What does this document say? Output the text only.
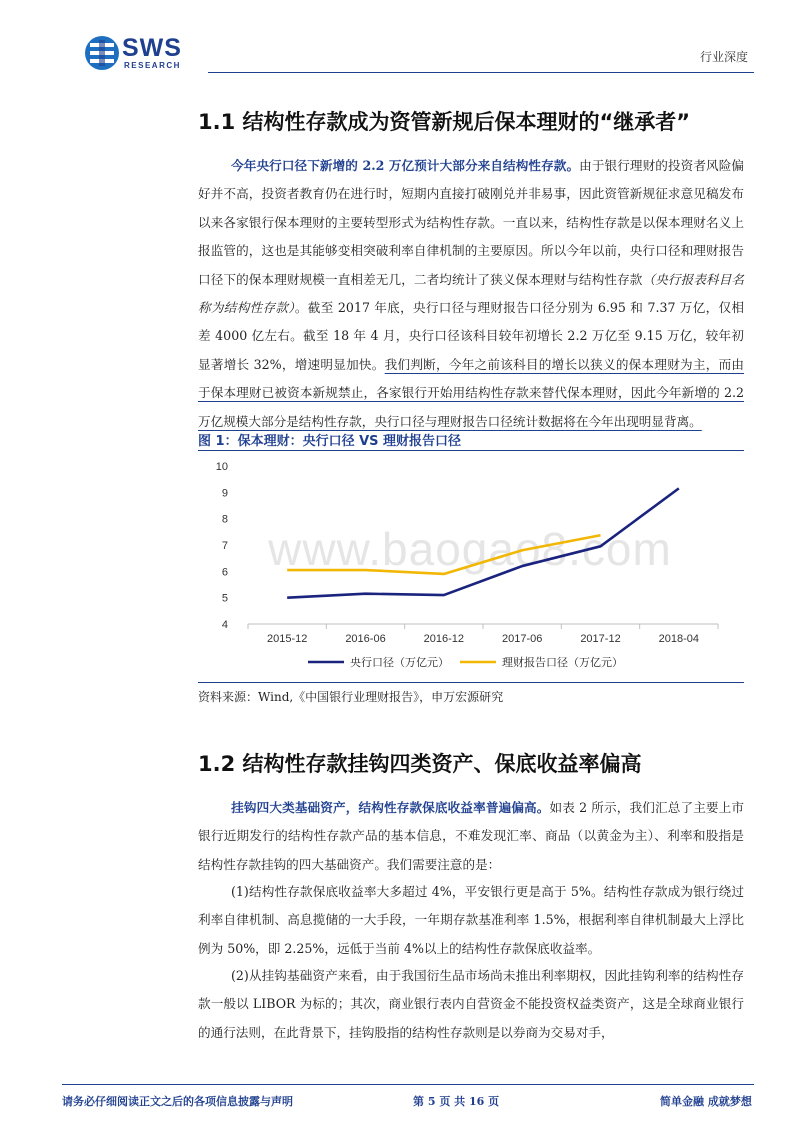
SWS
RESEARCH
行业深度
1.1 结构性存款成为资管新规后保本理财的“继承者”
今年央行口径下新增的 2.2 万亿预计大部分来自结构性存款。由于银行理财的投资者风险偏好并不高，投资者教育仍在进行时，短期内直接打破刚兑并非易事，因此资管新规征求意见稿发布以来各家银行保本理财的主要转型形式为结构性存款。一直以来，结构性存款是以保本理财名义上报监管的，这也是其能够变相突破利率自律机制的主要原因。所以今年以前，央行口径和理财报告口径下的保本理财规模一直相差无几，二者均统计了狭义保本理财与结构性存款（央行报表科目名称为结构性存款）。截至 2017 年底，央行口径与理财报告口径分别为 6.95 和 7.37 万亿，仅相差 4000 亿左右。截至 18 年 4 月，央行口径该科目较年初增长 2.2 万亿至 9.15 万亿，较年初显著增长 32%，增速明显加快。我们判断，今年之前该科目的增长以狭义的保本理财为主，而由于保本理财已被资本新规禁止，各家银行开始用结构性存款来替代保本理财，因此今年新增的 2.2 万亿规模大部分是结构性存款，央行口径与理财报告口径统计数据将在今年出现明显背离。
图 1：保本理财：央行口径 VS 理财报告口径
www.baogao8.com
4
5
6
7
8
9
10
2015-12	2016-06	2016-12	2017-06	2017-12	2018-04
央行口径（万亿元）	理财报告口径（万亿元）
资料来源：Wind,《中国银行业理财报告》，申万宏源研究
1.2 结构性存款挂钩四类资产、保底收益率偏高
挂钩四大类基础资产，结构性存款保底收益率普遍偏高。如表 2 所示，我们汇总了主要上市银行近期发行的结构性存款产品的基本信息，不难发现汇率、商品（以黄金为主）、利率和股指是结构性存款挂钩的四大基础资产。我们需要注意的是：
(1)结构性存款保底收益率大多超过 4%，平安银行更是高于 5%。结构性存款成为银行绕过利率自律机制、高息揽储的一大手段，一年期存款基准利率 1.5%，根据利率自律机制最大上浮比例为 50%，即 2.25%，远低于当前 4%以上的结构性存款保底收益率。
(2)从挂钩基础资产来看，由于我国衍生品市场尚未推出利率期权，因此挂钩利率的结构性存款一般以 LIBOR 为标的；其次，商业银行表内自营资金不能投资权益类资产，这是全球商业银行的通行法则，在此背景下，挂钩股指的结构性存款则是以券商为交易对手，
请务必仔细阅读正文之后的各项信息披露与声明	第 5 页 共 16 页	简单金融 成就梦想
